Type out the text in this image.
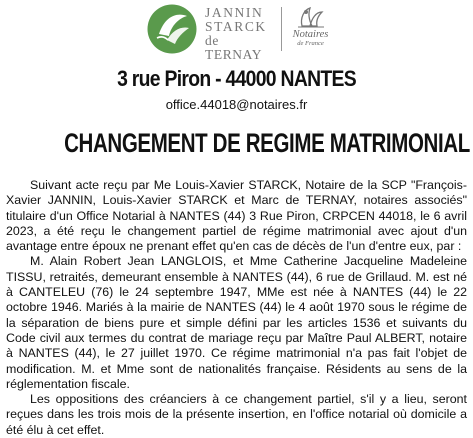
JANNIN
STARCK
de TERNAY
Notaires
de France
3 rue Piron - 44000 NANTES
office.44018@notaires.fr
CHANGEMENT DE REGIME MATRIMONIAL

Suivant acte reçu par Me Louis-Xavier STARCK, Notaire de la SCP "François-Xavier JANNIN, Louis-Xavier STARCK et Marc de TERNAY, notaires associés" titulaire d'un Office Notarial à NANTES (44) 3 Rue Piron, CRPCEN 44018, le 6 avril 2023, a été reçu le changement partiel de régime matrimonial avec ajout d'un avantage entre époux ne prenant effet qu'en cas de décès de l'un d'entre eux, par :

M. Alain Robert Jean LANGLOIS, et Mme Catherine Jacqueline Madeleine TISSU, retraités, demeurant ensemble à NANTES (44), 6 rue de Grillaud. M. est né à CANTELEU (76) le 24 septembre 1947, MMe est née à NANTES (44) le 22 octobre 1946. Mariés à la mairie de NANTES (44) le 4 août 1970 sous le régime de la séparation de biens pure et simple défini par les articles 1536 et suivants du Code civil aux termes du contrat de mariage reçu par Maître Paul ALBERT, notaire à NANTES (44), le 27 juillet 1970. Ce régime matrimonial n'a pas fait l'objet de modification. M. et Mme sont de nationalités française. Résidents au sens de la réglementation fiscale.

Les oppositions des créanciers à ce changement partiel, s'il y a lieu, seront reçues dans les trois mois de la présente insertion, en l'office notarial où domicile a été élu à cet effet.
